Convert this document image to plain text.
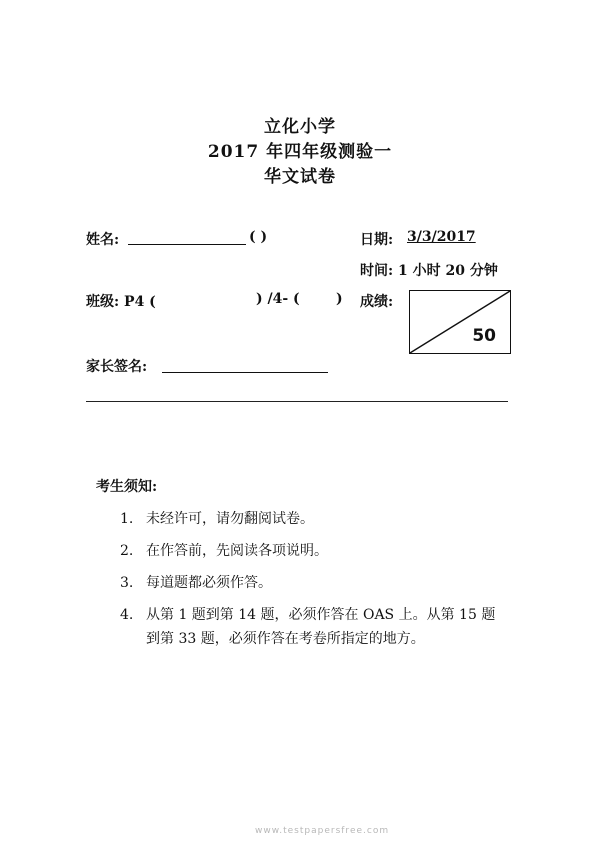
立化小学
2017 年四年级测验一
华文试卷
姓名:	( )	日期: 3/3/2017
时间: 1 小时 20 分钟
班级: P4 (	) /4- (	) 成绩:
50
家长签名:
考生须知:
1. 未经许可，请勿翻阅试卷。
2. 在作答前，先阅读各项说明。
3. 每道题都必须作答。
4. 从第 1 题到第 14 题，必须作答在 OAS 上。从第 15 题
到第 33 题，必须作答在考卷所指定的地方。
www.testpapersfree.com
